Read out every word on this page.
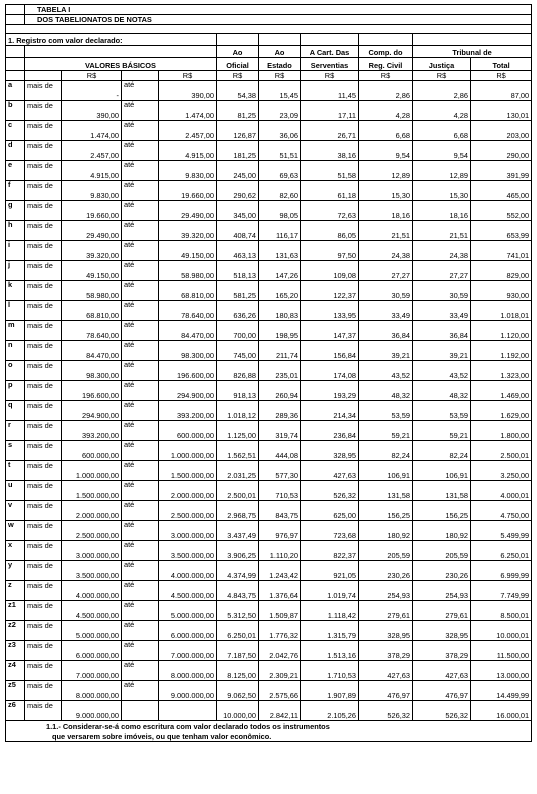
	TABELA I									
	DOS TABELIONATOS DE NOTAS									

1. Registro com valor declarado:										
					Ao	Ao	A Cart. Das	Comp. do	Tribunal de	
	VALORES BÁSICOS				Oficial	Estado	Serventias	Reg. Civil	Justiça	Total
		R$		R$	R$	R$	R$	R$	R$	R$
a	mais de	-	até	390,00	54,38	15,45	11,45	2,86	2,86	87,00
b	mais de	390,00	até	1.474,00	81,25	23,09	17,11	4,28	4,28	130,01
c	mais de	1.474,00	até	2.457,00	126,87	36,06	26,71	6,68	6,68	203,00
d	mais de	2.457,00	até	4.915,00	181,25	51,51	38,16	9,54	9,54	290,00
e	mais de	4.915,00	até	9.830,00	245,00	69,63	51,58	12,89	12,89	391,99
f	mais de	9.830,00	até	19.660,00	290,62	82,60	61,18	15,30	15,30	465,00
g	mais de	19.660,00	até	29.490,00	345,00	98,05	72,63	18,16	18,16	552,00
h	mais de	29.490,00	até	39.320,00	408,74	116,17	86,05	21,51	21,51	653,99
i	mais de	39.320,00	até	49.150,00	463,13	131,63	97,50	24,38	24,38	741,01
j	mais de	49.150,00	até	58.980,00	518,13	147,26	109,08	27,27	27,27	829,00
k	mais de	58.980,00	até	68.810,00	581,25	165,20	122,37	30,59	30,59	930,00
l	mais de	68.810,00	até	78.640,00	636,26	180,83	133,95	33,49	33,49	1.018,01
m	mais de	78.640,00	até	84.470,00	700,00	198,95	147,37	36,84	36,84	1.120,00
n	mais de	84.470,00	até	98.300,00	745,00	211,74	156,84	39,21	39,21	1.192,00
o	mais de	98.300,00	até	196.600,00	826,88	235,01	174,08	43,52	43,52	1.323,00
p	mais de	196.600,00	até	294.900,00	918,13	260,94	193,29	48,32	48,32	1.469,00
q	mais de	294.900,00	até	393.200,00	1.018,12	289,36	214,34	53,59	53,59	1.629,00
r	mais de	393.200,00	até	600.000,00	1.125,00	319,74	236,84	59,21	59,21	1.800,00
s	mais de	600.000,00	até	1.000.000,00	1.562,51	444,08	328,95	82,24	82,24	2.500,01
t	mais de	1.000.000,00	até	1.500.000,00	2.031,25	577,30	427,63	106,91	106,91	3.250,00
u	mais de	1.500.000,00	até	2.000.000,00	2.500,01	710,53	526,32	131,58	131,58	4.000,01
v	mais de	2.000.000,00	até	2.500.000,00	2.968,75	843,75	625,00	156,25	156,25	4.750,00
w	mais de	2.500.000,00	até	3.000.000,00	3.437,49	976,97	723,68	180,92	180,92	5.499,99
x	mais de	3.000.000,00	até	3.500.000,00	3.906,25	1.110,20	822,37	205,59	205,59	6.250,01
y	mais de	3.500.000,00	até	4.000.000,00	4.374,99	1.243,42	921,05	230,26	230,26	6.999,99
z	mais de	4.000.000,00	até	4.500.000,00	4.843,75	1.376,64	1.019,74	254,93	254,93	7.749,99
z1	mais de	4.500.000,00	até	5.000.000,00	5.312,50	1.509,87	1.118,42	279,61	279,61	8.500,01
z2	mais de	5.000.000,00	até	6.000.000,00	6.250,01	1.776,32	1.315,79	328,95	328,95	10.000,01
z3	mais de	6.000.000,00	até	7.000.000,00	7.187,50	2.042,76	1.513,16	378,29	378,29	11.500,00
z4	mais de	7.000.000,00	até	8.000.000,00	8.125,00	2.309,21	1.710,53	427,63	427,63	13.000,00
z5	mais de	8.000.000,00	até	9.000.000,00	9.062,50	2.575,66	1.907,89	476,97	476,97	14.499,99
z6	mais de	9.000.000,00			10.000,00	2.842,11	2.105,26	526,32	526,32	16.000,01
1.1.- Considerar-se-á como escritura com valor declarado todos os instrumentos										
que versarem sobre imóveis, ou que tenham valor econômico.										
